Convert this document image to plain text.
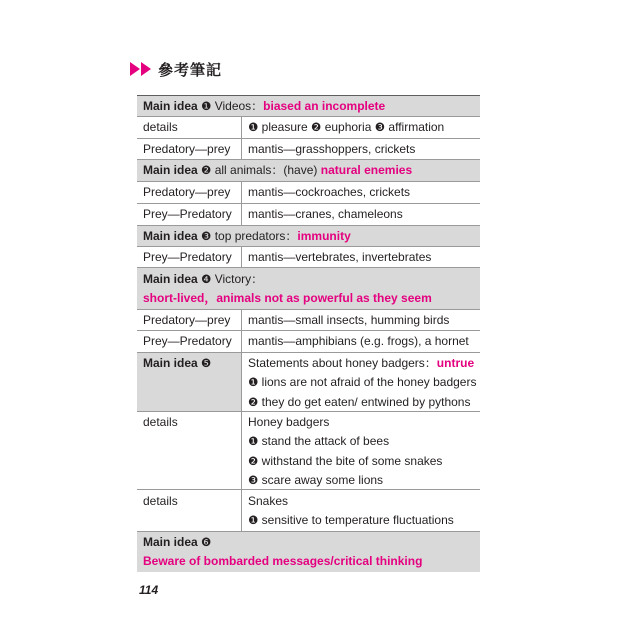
參考筆記
Main idea ❶ Videos：biased an incomplete
details	❶ pleasure ❷ euphoria ❸ affirmation
Predatory—prey	mantis—grasshoppers, crickets
Main idea ❷ all animals：(have) natural enemies
Predatory—prey	mantis—cockroaches, crickets
Prey—Predatory	mantis—cranes, chameleons
Main idea ❸ top predators：immunity
Prey—Predatory	mantis—vertebrates, invertebrates
Main idea ❹ Victory：
short-lived，animals not as powerful as they seem
Predatory—prey	mantis—small insects, humming birds
Prey—Predatory	mantis—amphibians (e.g. frogs), a hornet
Main idea ❺	Statements about honey badgers：untrue
❶ lions are not afraid of the honey badgers
❷ they do get eaten/ entwined by pythons
details	Honey badgers
❶ stand the attack of bees
❷ withstand the bite of some snakes
❸ scare away some lions
details	Snakes
❶ sensitive to temperature fluctuations
Main idea ❻
Beware of bombarded messages/critical thinking
114
